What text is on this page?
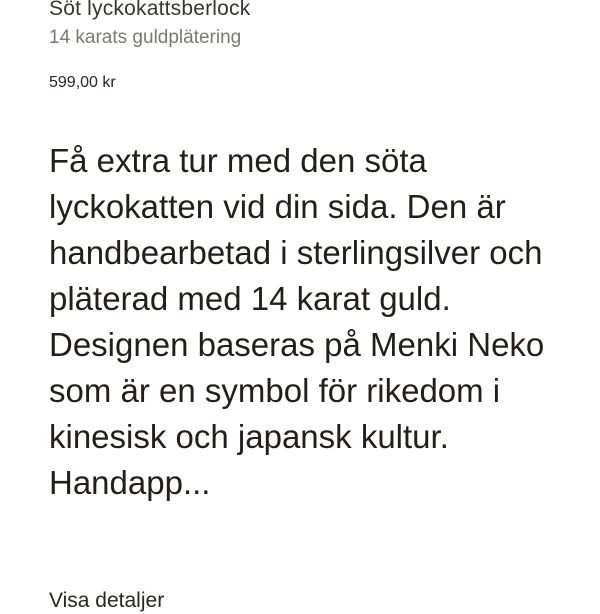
Söt lyckokattsberlock
14 karats guldplätering
599,00 kr

Få extra tur med den söta lyckokatten vid din sida. Den är handbearbetad i sterlingsilver och pläterad med 14 karat guld. Designen baseras på Menki Neko som är en symbol för rikedom i kinesisk och japansk kultur. Handapp...

Visa detaljer
